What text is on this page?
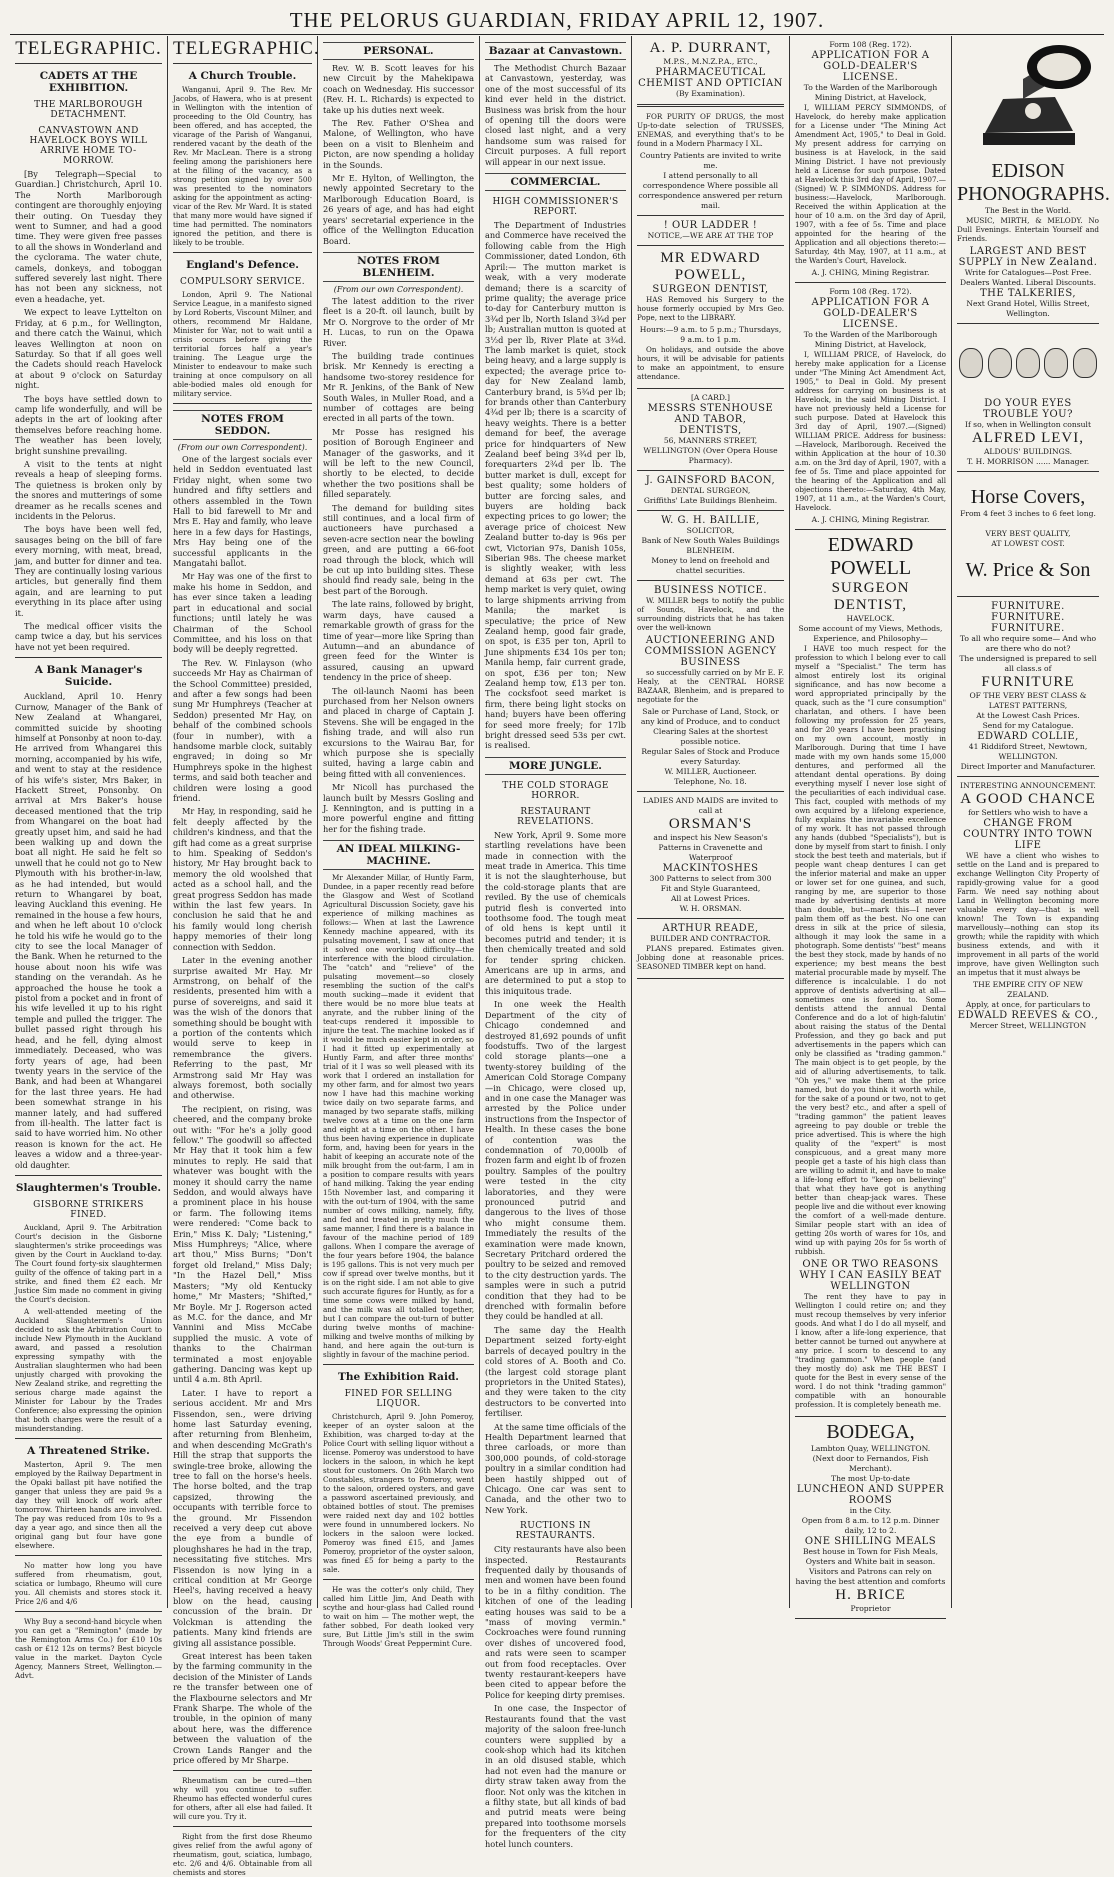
THE PELORUS GUARDIAN, FRIDAY APRIL 12, 1907.
TELEGRAPHIC.
CADETS AT THE EXHIBITION.
THE MARLBOROUGH DETACHMENT.
CANVASTOWN AND HAVELOCK BOYS WILL ARRIVE HOME TO-MORROW.

[By Telegraph—Special to Guardian.] Christchurch, April 10. The North Marlborough contingent are thoroughly enjoying their outing. On Tuesday they went to Sumner, and had a good time. They were given free passes to all the shows in Wonderland and the cyclorama. The water chute, camels, donkeys, and toboggan suffered severely last night. There has not been any sickness, not even a headache, yet.

We expect to leave Lyttelton on Friday, at 6 p.m., for Wellington, and there catch the Wainui, which leaves Wellington at noon on Saturday. So that if all goes well the Cadets should reach Havelock at about 9 o'clock on Saturday night.

The boys have settled down to camp life wonderfully, and will be adepts in the art of looking after themselves before reaching home. The weather has been lovely, bright sunshine prevailing.

A visit to the tents at night reveals a heap of sleeping forms. The quietness is broken only by the snores and mutterings of some dreamer as he recalls scenes and incidents in the Pelorus.

The boys have been well fed, sausages being on the bill of fare every morning, with meat, bread, jam, and butter for dinner and tea. They are continually losing various articles, but generally find them again, and are learning to put everything in its place after using it.

The medical officer visits the camp twice a day, but his services have not yet been required.

A Bank Manager's Suicide.

Auckland, April 10. Henry Curnow, Manager of the Bank of New Zealand at Whangarei, committed suicide by shooting himself at Ponsonby at noon to-day. He arrived from Whangarei this morning, accompanied by his wife, and went to stay at the residence of his wife's sister, Mrs Baker, in Hackett Street, Ponsonby. On arrival at Mrs Baker's house deceased mentioned that the trip from Whangarei on the boat had greatly upset him, and said he had been walking up and down the boat all night. He said he felt so unwell that he could not go to New Plymouth with his brother-in-law, as he had intended, but would return to Whangarei by boat, leaving Auckland this evening. He remained in the house a few hours, and when he left about 10 o'clock he told his wife he would go to the city to see the local Manager of the Bank. When he returned to the house about noon his wife was standing on the verandah. As he approached the house he took a pistol from a pocket and in front of his wife levelled it up to his right temple and pulled the trigger. The bullet passed right through his head, and he fell, dying almost immediately. Deceased, who was forty years of age, had been twenty years in the service of the Bank, and had been at Whangarei for the last three years. He had been somewhat strange in his manner lately, and had suffered from ill-health. The latter fact is said to have worried him. No other reason is known for the act. He leaves a widow and a three-year-old daughter.

Slaughtermen's Trouble.
GISBORNE STRIKERS FINED.

Auckland, April 9. The Arbitration Court's decision in the Gisborne slaughtermen's strike proceedings was given by the Court in Auckland to-day. The Court found forty-six slaughtermen guilty of the offence of taking part in a strike, and fined them £2 each. Mr Justice Sim made no comment in giving the Court's decision.

A well-attended meeting of the Auckland Slaughtermen's Union decided to ask the Arbitration Court to include New Plymouth in the Auckland award, and passed a resolution expressing sympathy with the Australian slaughtermen who had been unjustly charged with provoking the New Zealand strike, and regretting the serious charge made against the Minister for Labour by the Trades Conference; also expressing the opinion that both charges were the result of a misunderstanding.

A Threatened Strike.

Masterton, April 9. The men employed by the Railway Department in the Opaki ballast pit have notified the ganger that unless they are paid 9s a day they will knock off work after tomorrow. Thirteen hands are involved. The pay was reduced from 10s to 9s a day a year ago, and since then all the original gang but four have gone elsewhere.

No matter how long you have suffered from rheumatism, gout, sciatica or lumbago, Rheumo will cure you. All chemists and stores stock it. Price 2/6 and 4/6

Why Buy a second-hand bicycle when you can get a "Remington" (made by the Remington Arms Co.) for £10 10s cash or £12 12s on terms? Best bicycle value in the market. Dayton Cycle Agency, Manners Street, Wellington.—Advt.

TELEGRAPHIC.
A Church Trouble.

Wanganui, April 9. The Rev. Mr Jacobs, of Hawera, who is at present in Wellington with the intention of proceeding to the Old Country, has been offered, and has accepted, the vicarage of the Parish of Wanganui, rendered vacant by the death of the Rev. Mr MacLean. There is a strong feeling among the parishioners here at the filling of the vacancy, as a strong petition signed by over 500 was presented to the nominators asking for the appointment as acting-vicar of the Rev. Mr Ward. It is stated that many more would have signed if time had permitted. The nominators ignored the petition, and there is likely to be trouble.

England's Defence.
COMPULSORY SERVICE.

London, April 9. The National Service League, in a manifesto signed by Lord Roberts, Viscount Milner, and others, recommend Mr Haldane, Minister for War, not to wait until a crisis occurs before giving the territorial forces half a year's training. The League urge the Minister to endeavour to make such training at once compulsory on all able-bodied males old enough for military service.

NOTES FROM SEDDON.
(From our own Correspondent).

One of the largest socials ever held in Seddon eventuated last Friday night, when some two hundred and fifty settlers and others assembled in the Town Hall to bid farewell to Mr and Mrs E. Hay and family, who leave here in a few days for Hastings, Mrs Hay being one of the successful applicants in the Mangatahi ballot.

Mr Hay was one of the first to make his home in Seddon, and has ever since taken a leading part in educational and social functions; until lately he was Chairman of the School Committee, and his loss on that body will be deeply regretted.

The Rev. W. Finlayson (who succeeds Mr Hay as Chairman of the School Committee) presided, and after a few songs had been sung Mr Humphreys (Teacher at Seddon) presented Mr Hay, on behalf of the combined schools (four in number), with a handsome marble clock, suitably engraved; in doing so Mr Humphreys spoke in the highest terms, and said both teacher and children were losing a good friend.

Mr Hay, in responding, said he felt deeply affected by the children's kindness, and that the gift had come as a great surprise to him. Speaking of Seddon's history, Mr Hay brought back to memory the old woolshed that acted as a school hall, and the great progress Seddon has made within the last few years. In conclusion he said that he and his family would long cherish happy memories of their long connection with Seddon.

Later in the evening another surprise awaited Mr Hay. Mr Armstrong, on behalf of the residents, presented him with a purse of sovereigns, and said it was the wish of the donors that something should be bought with a portion of the contents which would serve to keep in remembrance the givers. Referring to the past, Mr Armstrong said Mr Hay was always foremost, both socially and otherwise.

The recipient, on rising, was cheered, and the company broke out with: "For he's a jolly good fellow." The goodwill so affected Mr Hay that it took him a few minutes to reply. He said that whatever was bought with the money it should carry the name Seddon, and would always have a prominent place in his house or farm. The following items were rendered: "Come back to Erin," Miss K. Daly; "Listening," Miss Humphreys; "Alice, where art thou," Miss Burns; "Don't forget old Ireland," Miss Daly; "In the Hazel Dell," Miss Masters; "My old Kentucky home," Mr Masters; "Shifted," Mr Boyle. Mr J. Rogerson acted as M.C. for the dance, and Mr Vannini and Miss McCabe supplied the music. A vote of thanks to the Chairman terminated a most enjoyable gathering. Dancing was kept up until 4 a.m. 8th April.

Later. I have to report a serious accident. Mr and Mrs Fissendon, sen., were driving home last Saturday evening, after returning from Blenheim, and when descending McGrath's Hill the strap that supports the swingle-tree broke, allowing the tree to fall on the horse's heels. The horse bolted, and the trap capsized, throwing the occupants with terrible force to the ground. Mr Fissendon received a very deep cut above the eye from a bundle of ploughshares he had in the trap, necessitating five stitches. Mrs Fissendon is now lying in a critical condition at Mr George Heel's, having received a heavy blow on the head, causing concussion of the brain. Dr Volckman is attending the patients. Many kind friends are giving all assistance possible.

Great interest has been taken by the farming community in the decision of the Minister of Lands re the transfer between one of the Flaxbourne selectors and Mr Frank Sharpe. The whole of the trouble, in the opinion of many about here, was the difference between the valuation of the Crown Lands Ranger and the price offered by Mr Sharpe.

Rheumatism can be cured—then why will you continue to suffer. Rheumo has effected wonderful cures for others, after all else had failed. It will cure you. Try it.

Right from the first dose Rheumo gives relief from the awful agony of rheumatism, gout, sciatica, lumbago, etc. 2/6 and 4/6. Obtainable from all chemists and stores

PERSONAL.

Rev. W. B. Scott leaves for his new Circuit by the Mahekipawa coach on Wednesday. His successor (Rev. H. L. Richards) is expected to take up his duties next week.

The Rev. Father O'Shea and Malone, of Wellington, who have been on a visit to Blenheim and Picton, are now spending a holiday in the Sounds.

Mr E. Hylton, of Wellington, the newly appointed Secretary to the Marlborough Education Board, is 26 years of age, and has had eight years' secretarial experience in the office of the Wellington Education Board.

NOTES FROM BLENHEIM.
(From our own Correspondent).

The latest addition to the river fleet is a 20-ft. oil launch, built by Mr O. Norgrove to the order of Mr H. Lucas, to run on the Opawa River.

The building trade continues brisk. Mr Kennedy is erecting a handsome two-storey residence for Mr R. Jenkins, of the Bank of New South Wales, in Muller Road, and a number of cottages are being erected in all parts of the town.

Mr Posse has resigned his position of Borough Engineer and Manager of the gasworks, and it will be left to the new Council, shortly to be elected, to decide whether the two positions shall be filled separately.

The demand for building sites still continues, and a local firm of auctioneers have purchased a seven-acre section near the bowling green, and are putting a 66-foot road through the block, which will be cut up into building sites. These should find ready sale, being in the best part of the Borough.

The late rains, followed by bright, warm days, have caused a remarkable growth of grass for the time of year—more like Spring than Autumn—and an abundance of green feed for the Winter is assured, causing an upward tendency in the price of sheep.

The oil-launch Naomi has been purchased from her Nelson owners and placed in charge of Captain J. Stevens. She will be engaged in the fishing trade, and will also run excursions to the Wairau Bar, for which purpose she is specially suited, having a large cabin and being fitted with all conveniences.

Mr Nicoll has purchased the launch built by Messrs Gosling and J. Kennington, and is putting in a more powerful engine and fitting her for the fishing trade.

AN IDEAL MILKING-MACHINE.

Mr Alexander Millar, of Huntly Farm, Dundee, in a paper recently read before the Glasgow and West of Scotland Agricultural Discussion Society, gave his experience of milking machines as follows:— When at last the Lawrence Kennedy machine appeared, with its pulsating movement, I saw at once that it solved one working difficulty—the interference with the blood circulation. The "catch" and "relieve" of the pulsating movement—so closely resembling the suction of the calf's mouth sucking—made it evident that there would be no more blue teats at anyrate, and the rubber lining of the teat-cups rendered it impossible to injure the teat. The machine looked as if it would be much easier kept in order, so I had it fitted up experimentally at Huntly Farm, and after three months' trial of it I was so well pleased with its work that I ordered an installation for my other farm, and for almost two years now I have had this machine working twice daily on two separate farms, and managed by two separate staffs, milking twelve cows at a time on the one farm and eight at a time on the other. I have thus been having experience in duplicate form, and, having been for years in the habit of keeping an accurate note of the milk brought from the out-farm, I am in a position to compare results with years of hand milking. Taking the year ending 15th November last, and comparing it with the out-turn of 1904, with the same number of cows milking, namely, fifty, and fed and treated in pretty much the same manner, I find there is a balance in favour of the machine period of 189 gallons. When I compare the average of the four years before 1904, the balance is 195 gallons. This is not very much per cow if spread over twelve months, but it is on the right side. I am not able to give such accurate figures for Huntly, as for a time some cows were milked by hand, and the milk was all totalled together, but I can compare the out-turn of butter during twelve months of machine-milking and twelve months of milking by hand, and here again the out-turn is slightly in favour of the machine period.

The Exhibition Raid.
FINED FOR SELLING LIQUOR.

Christchurch, April 9. John Pomeroy, keeper of an oyster saloon at the Exhibition, was charged to-day at the Police Court with selling liquor without a license. Pomeroy was understood to have lockers in the saloon, in which he kept stout for customers. On 26th March two Constables, strangers to Pomeroy, went to the saloon, ordered oysters, and gave a password ascertained previously, and obtained bottles of stout. The premises were raided next day and 102 bottles were found in unnumbered lockers. No lockers in the saloon were locked. Pomeroy was fined £15, and James Pomeroy, proprietor of the oyster saloon, was fined £5 for being a party to the sale.

He was the cotter's only child, They called him Little Jim, And Death with scythe and hour-glass had Called round to wait on him — The mother wept, the father sobbed, For death looked very sure, But Little Jim's still in the swim Through Woods' Great Peppermint Cure.

Bazaar at Canvastown.

The Methodist Church Bazaar at Canvastown, yesterday, was one of the most successful of its kind ever held in the district. Business was brisk from the hour of opening till the doors were closed last night, and a very handsome sum was raised for Circuit purposes. A full report will appear in our next issue.

COMMERCIAL.
HIGH COMMISSIONER'S REPORT.

The Department of Industries and Commerce have received the following cable from the High Commissioner, dated London, 6th April:— The mutton market is weak, with a very moderate demand; there is a scarcity of prime quality; the average price to-day for Canterbury mutton is 3¾d per lb, North Island 3¾d per lb; Australian mutton is quoted at 3½d per lb, River Plate at 3¾d. The lamb market is quiet, stock being heavy, and a large supply is expected; the average price to-day for New Zealand lamb, Canterbury brand, is 5¾d per lb; for brands other than Canterbury 4¾d per lb; there is a scarcity of heavy weights. There is a better demand for beef, the average price for hindquarters of New Zealand beef being 3¾d per lb, forequarters 2¾d per lb. The butter market is dull, except for best quality; some holders of butter are forcing sales, and buyers are holding back expecting prices to go lower; the average price of choicest New Zealand butter to-day is 96s per cwt, Victorian 97s, Danish 105s, Siberian 98s. The cheese market is slightly weaker, with less demand at 63s per cwt. The hemp market is very quiet, owing to large shipments arriving from Manila; the market is speculative; the price of New Zealand hemp, good fair grade, on spot, is £35 per ton, April to June shipments £34 10s per ton; Manila hemp, fair current grade, on spot, £36 per ton; New Zealand hemp tow, £13 per ton. The cocksfoot seed market is firm, there being light stocks on hand; buyers have been offering for seed more freely; for 17lb bright dressed seed 53s per cwt. is realised.

MORE JUNGLE.
THE COLD STORAGE HORROR.
RESTAURANT REVELATIONS.

New York, April 9. Some more startling revelations have been made in connection with the meat trade in America. This time it is not the slaughterhouse, but the cold-storage plants that are reviled. By the use of chemicals putrid flesh is converted into toothsome food. The tough meat of old hens is kept until it becomes putrid and tender; it is then chemically treated and sold for tender spring chicken. Americans are up in arms, and are determined to put a stop to this iniquitous trade.

In one week the Health Department of the city of Chicago condemned and destroyed 81,692 pounds of unfit foodstuffs. Two of the largest cold storage plants—one a twenty-storey building of the American Cold Storage Company—in Chicago, were closed up, and in one case the Manager was arrested by the Police under instructions from the Inspector of Health. In these cases the bone of contention was the condemnation of 70,000lb of frozen farm and eight lb of frozen poultry. Samples of the poultry were tested in the city laboratories, and they were pronounced putrid and dangerous to the lives of those who might consume them. Immediately the results of the examination were made known, Secretary Pritchard ordered the poultry to be seized and removed to the city destruction yards. The samples were in such a putrid condition that they had to be drenched with formalin before they could be handled at all.

The same day the Health Department seized forty-eight barrels of decayed poultry in the cold stores of A. Booth and Co. (the largest cold storage plant proprietors in the United States), and they were taken to the city destructors to be converted into fertiliser.

At the same time officials of the Health Department learned that three carloads, or more than 300,000 pounds, of cold-storage poultry in a similar condition had been hastily shipped out of Chicago. One car was sent to Canada, and the other two to New York.

RUCTIONS IN RESTAURANTS.

City restaurants have also been inspected. Restaurants frequented daily by thousands of men and women have been found to be in a filthy condition. The kitchen of one of the leading eating houses was said to be a "mass of moving vermin." Cockroaches were found running over dishes of uncovered food, and rats were seen to scamper out from food receptacles. Over twenty restaurant-keepers have been cited to appear before the Police for keeping dirty premises.

In one case, the Inspector of Restaurants found that the vast majority of the saloon free-lunch counters were supplied by a cook-shop which had its kitchen in an old disused stable, which had not even had the manure or dirty straw taken away from the floor. Not only was the kitchen in a filthy state, but all kinds of bad and putrid meats were being prepared into toothsome morsels for the frequenters of the city hotel lunch counters.

A. P. DURRANT,
M.P.S., M.N.Z.P.A., ETC.,
PHARMACEUTICAL CHEMIST AND OPTICIAN
(By Examination).

FOR PURITY OF DRUGS, the most Up-to-date selection of TRUSSES, ENEMAS, and everything that's to be found in a Modern Pharmacy I XL.

Country Patients are invited to write me.
I attend personally to all correspondence Where possible all correspondence answered per return mail.
! OUR LADDER !
NOTICE,—WE ARE AT THE TOP
MR EDWARD POWELL,
SURGEON DENTIST,

HAS Removed his Surgery to the house formerly occupied by Mrs Geo. Pope, next to the LIBRARY.

Hours:—9 a.m. to 5 p.m.; Thursdays, 9 a.m. to 1 p.m.

On holidays, and outside the above hours, it will be advisable for patients to make an appointment, to ensure attendance.

[A CARD.]
MESSRS STENHOUSE AND TABOR,
DENTISTS,
56, MANNERS STREET, WELLINGTON (Over Opera House Pharmacy).
J. GAINSFORD BACON,
DENTAL SURGEON,
Griffiths' Late Buildings Blenheim.
W. G. H. BAILLIE,
SOLICITOR,
Bank of New South Wales Buildings BLENHEIM.
Money to lend on freehold and chattel securities.
BUSINESS NOTICE.

W. MILLER begs to notify the public of Sounds, Havelock, and the surrounding districts that he has taken over the well-known

AUCTIONEERING AND COMMISSION AGENCY BUSINESS

so successfully carried on by Mr E. F. Healy, at the CENTRAL HORSE BAZAAR, Blenheim, and is prepared to negotiate for the

Sale or Purchase of Land, Stock, or any kind of Produce, and to conduct Clearing Sales at the shortest possible notice.
Regular Sales of Stock and Produce every Saturday.
W. MILLER, Auctioneer.
Telephone, No. 18.
LADIES AND MAIDS are invited to call at
ORSMAN'S
and inspect his New Season's Patterns in Cravenette and Waterproof
MACKINTOSHES
300 Patterns to select from 300
Fit and Style Guaranteed,
All at Lowest Prices.
W. H. ORSMAN.
ARTHUR READE,
BUILDER AND CONTRACTOR.

PLANS prepared. Estimates given. Jobbing done at reasonable prices. SEASONED TIMBER kept on hand.

Form 108 (Reg. 172).
APPLICATION FOR A GOLD-DEALER'S LICENSE.
To the Warden of the Marlborough Mining District, at Havelock,

I, WILLIAM PERCY SIMMONDS, of Havelock, do hereby make application for a License under "The Mining Act Amendment Act, 1905," to Deal in Gold. My present address for carrying on business is at Havelock, in the said Mining District. I have not previously held a License for such purpose. Dated at Havelock this 3rd day of April, 1907.—(Signed) W. P. SIMMONDS. Address for business:—Havelock, Marlborough. Received the within Application at the hour of 10 a.m. on the 3rd day of April, 1907, with a fee of 5s. Time and place appointed for the hearing of the Application and all objections thereto:—Saturday, 4th May, 1907, at 11 a.m., at the Warden's Court, Havelock.

A. J. CHING, Mining Registrar.
Form 108 (Reg. 172).
APPLICATION FOR A GOLD-DEALER'S LICENSE.
To the Warden of the Marlborough Mining District, at Havelock,

I, WILLIAM PRICE, of Havelock, do hereby make application for a License under "The Mining Act Amendment Act, 1905," to Deal in Gold. My present address for carrying on business is at Havelock, in the said Mining District. I have not previously held a License for such purpose. Dated at Havelock this 3rd day of April, 1907.—(Signed) WILLIAM PRICE. Address for business:—Havelock, Marlborough. Received the within Application at the hour of 10.30 a.m. on the 3rd day of April, 1907, with a fee of 5s. Time and place appointed for the hearing of the Application and all objections thereto:—Saturday, 4th May, 1907, at 11 a.m., at the Warden's Court, Havelock.

A. J. CHING, Mining Registrar.
EDWARD POWELL
SURGEON DENTIST,
HAVELOCK.
Some account of my Views, Methods, Experience, and Philosophy—

I HAVE too much respect for the profession to which I belong ever to call myself a "Specialist." The term has almost entirely lost its original significance, and has now become a word appropriated principally by the quack, such as the "I cure consumption" charlatan, and others. I have been following my profession for 25 years, and for 20 years I have been practising on my own account, mostly in Marlborough. During that time I have made with my own hands some 15,000 dentures, and performed all the attendant dental operations. By doing everything myself I never lose sight of the peculiarities of each individual case. This fact, coupled with methods of my own acquired by a lifelong experience, fully explains the invariable excellence of my work. It has not passed through any hands (dubbed "Specialists"), but is done by myself from start to finish. I only stock the best teeth and materials, but if people want cheap dentures I can get the inferior material and make an upper or lower set for one guinea, and such, ranging by me, are superior to those made by advertising dentists at more than double, but—mark this—I never palm them off as the best. No one can dress in silk at the price of silesia, although it may look the same in a photograph. Some dentists' "best" means the best they stock, made by hands of no experience; my best means the best material procurable made by myself. The difference is incalculable. I do not approve of dentists advertising at all—sometimes one is forced to. Some dentists attend the annual Dental Conference and do a lot of high-falutin' about raising the status of the Dental Profession, and they go back and put advertisements in the papers which can only be classified as "trading gammon." The main object is to get people, by the aid of alluring advertisements, to talk. "Oh yes," we make them at the price named, but do you think it worth while, for the sake of a pound or two, not to get the very best? etc., and after a spell of "trading gammon" the patient leaves agreeing to pay double or treble the price advertised. This is where the high quality of the "expert" is most conspicuous, and a great many more people get a taste of his high class than are willing to admit it, and have to make a life-long effort to "keep on believing" that what they have got is anything better than cheap-jack wares. These people live and die without ever knowing the comfort of a well-made denture. Similar people start with an idea of getting 20s worth of wares for 10s, and wind up with paying 20s for 5s worth of rubbish.

ONE OR TWO REASONS WHY I CAN EASILY BEAT WELLINGTON

The rent they have to pay in Wellington I could retire on; and they must recoup themselves by very inferior goods. And what I do I do all myself, and I know, after a life-long experience, that better cannot be turned out anywhere at any price. I scorn to descend to any "trading gammon." When people (and they mostly do) ask me THE BEST I quote for the Best in every sense of the word. I do not think "trading gammon" compatible with an honourable profession. It is completely beneath me.

BODEGA,
Lambton Quay, WELLINGTON.
(Next door to Fernandos, Fish Merchant).
The most Up-to-date
LUNCHEON AND SUPPER ROOMS
in the City.
Open from 8 a.m. to 12 p.m. Dinner daily, 12 to 2.
ONE SHILLING MEALS
Best house in Town for Fish Meals, Oysters and White bait in season.
Visitors and Patrons can rely on having the best attention and comforts
H. BRICE
Proprietor
EDISON
PHONOGRAPHS.
The Best in the World.

MUSIC, MIRTH, & MELODY. No Dull Evenings. Entertain Yourself and Friends.

LARGEST AND BEST SUPPLY in New Zealand.
Write for Catalogues—Post Free.
Dealers Wanted. Liberal Discounts.
THE TALKERIES,
Next Grand Hotel, Willis Street, Wellington.
DO YOUR EYES TROUBLE YOU?
If so, when in Wellington consult
ALFRED LEVI,
ALDOUS' BUILDINGS.
T. H. MORRISON ...... Manager.
Horse Covers,
From 4 feet 3 inches to 6 feet long.
VERY BEST QUALITY,
AT LOWEST COST.
W. Price & Son
FURNITURE. FURNITURE.
FURNITURE.
To all who require some— And who are there who do not?
The undersigned is prepared to sell all class.s of
FURNITURE
OF THE VERY BEST CLASS & LATEST PATTERNS,
At the Lowest Cash Prices.
Send for my Catalogue.
EDWARD COLLIE,
41 Riddiford Street, Newtown, WELLINGTON.
Direct Importer and Manufacturer.
INTERESTING ANNOUNCEMENT.
A GOOD CHANCE
for Settlers who wish to have a
CHANGE FROM COUNTRY INTO TOWN LIFE

WE have a client who wishes to settle on the Land and is prepared to exchange Wellington City Property of rapidly-growing value for a good Farm. We need say nothing about Land in Wellington becoming more valuable every day—that is well known! The Town is expanding marvellously—nothing can stop its growth; while the rapidity with which business extends, and with it improvement in all parts of the world improve, have given Wellington such an impetus that it must always be

THE EMPIRE CITY OF NEW ZEALAND.
Apply, at once, for particulars to
EDWALD REEVES & CO.,
Mercer Street, WELLINGTON
